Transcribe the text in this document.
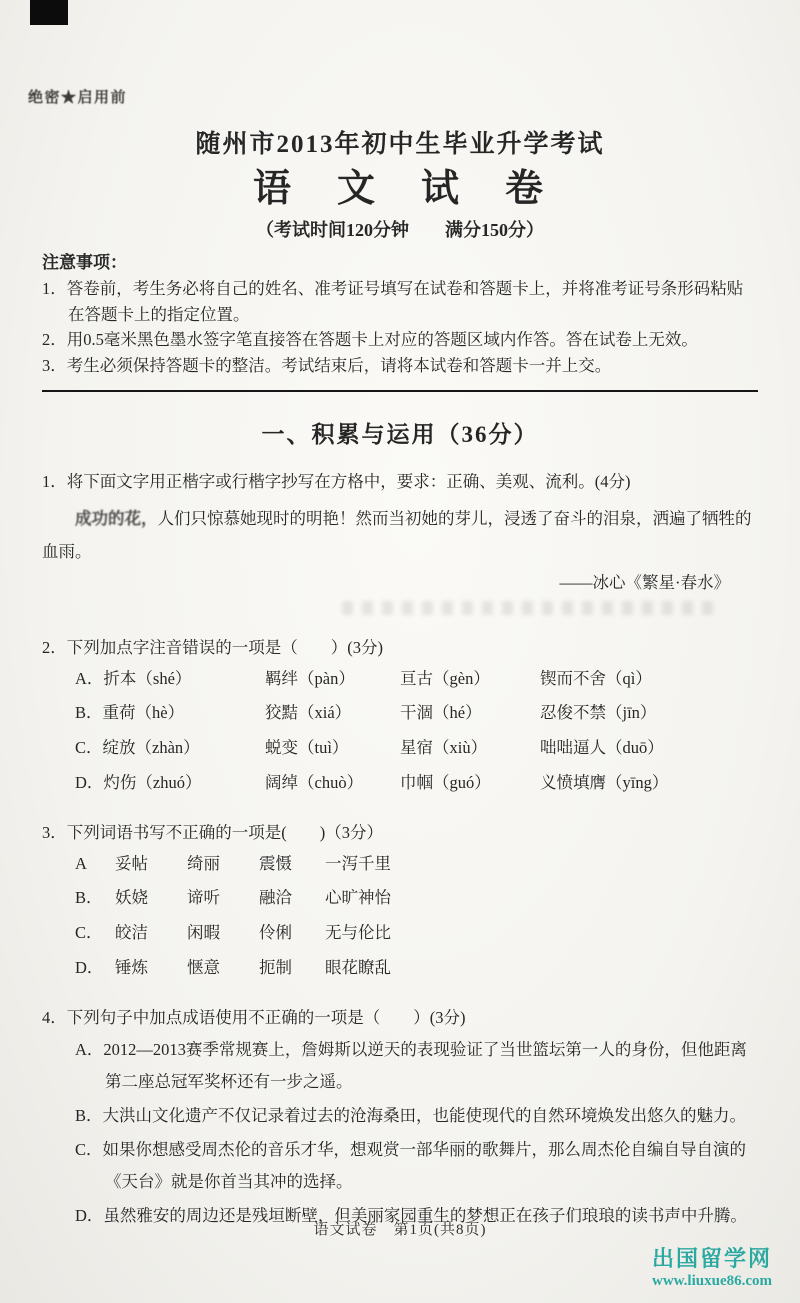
绝密★启用前
随州市2013年初中生毕业升学考试
语　文　试　卷
（考试时间120分钟　　满分150分）
注意事项：
1．答卷前，考生务必将自己的姓名、准考证号填写在试卷和答题卡上，并将准考证号条形码粘贴在答题卡上的指定位置。
2．用0.5毫米黑色墨水签字笔直接答在答题卡上对应的答题区域内作答。答在试卷上无效。
3．考生必须保持答题卡的整洁。考试结束后，请将本试卷和答题卡一并上交。
一、积累与运用（36分）
1．将下面文字用正楷字或行楷字抄写在方格中，要求：正确、美观、流利。(4分)

成功的花，人们只惊慕她现时的明艳！然而当初她的芽儿，浸透了奋斗的泪泉，洒遍了牺牲的血雨。

——冰心《繁星·春水》
2．下列加点字注音错误的一项是（　　）(3分)
A．折本（shé）	羁绊（pàn）	亘古（gèn）	锲而不舍（qì）
B．重荷（hè）	狡黠（xiá）	干涸（hé）	忍俊不禁（jīn）
C．绽放（zhàn）	蜕变（tuì）	星宿（xiù）	咄咄逼人（duō）
D．灼伤（zhuó）	阔绰（chuò）	巾帼（guó）	义愤填膺（yīng）
3．下列词语书写不正确的一项是(　　)（3分）
A	妥帖	绮丽	震慑	一泻千里
B． 妖娆	谛听	融洽	心旷神怡
C． 皎洁	闲暇	伶俐	无与伦比
D． 锤炼	惬意	扼制	眼花瞭乱
4．下列句子中加点成语使用不正确的一项是（　　）(3分)

A．2012—2013赛季常规赛上，詹姆斯以逆天的表现验证了当世篮坛第一人的身份，但他距离第二座总冠军奖杯还有一步之遥。

B．大洪山文化遗产不仅记录着过去的沧海桑田，也能使现代的自然环境焕发出悠久的魅力。

C．如果你想感受周杰伦的音乐才华，想观赏一部华丽的歌舞片，那么周杰伦自编自导自演的《天台》就是你首当其冲的选择。

D．虽然雅安的周边还是残垣断壁，但美丽家园重生的梦想正在孩子们琅琅的读书声中升腾。

语文试卷　第1页(共8页)
出国留学网
www.liuxue86.com
